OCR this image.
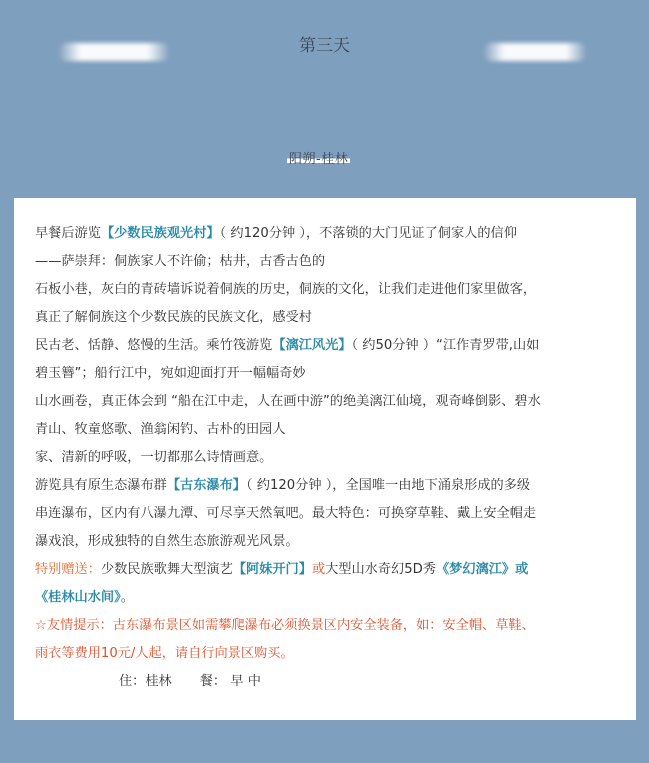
第三天
阳朔-桂林
早餐后游览【少数民族观光村】（ 约120分钟 ），不落锁的大门见证了侗家人的信仰
——萨崇拜：侗族家人不许偷；枯井，古香古色的
石板小巷，灰白的青砖墙诉说着侗族的历史，侗族的文化，让我们走进他们家里做客，
真正了解侗族这个少数民族的民族文化，感受村
民古老、恬静、悠慢的生活。乘竹筏游览【漓江风光】（ 约50分钟 ）“江作青罗带,山如
碧玉簪”；船行江中，宛如迎面打开一幅幅奇妙
山水画卷，真正体会到 “船在江中走，人在画中游”的绝美漓江仙境，观奇峰倒影、碧水
青山、牧童悠歌、渔翁闲钓、古朴的田园人
家、清新的呼吸，一切都那么诗情画意。
游览具有原生态瀑布群【古东瀑布】（ 约120分钟 ），全国唯一由地下涌泉形成的多级
串连瀑布，区内有八瀑九潭、可尽享天然氧吧。最大特色：可换穿草鞋、戴上安全帽走
瀑戏浪，形成独特的自然生态旅游观光风景。
特别赠送：少数民族歌舞大型演艺【阿妹开门】或大型山水奇幻5D秀《梦幻漓江》或
《桂林山水间》。
☆友情提示：古东瀑布景区如需攀爬瀑布必须换景区内安全装备，如：安全帽、草鞋、
雨衣等费用10元/人起，请自行向景区购买。
住：桂林 餐： 早 中
